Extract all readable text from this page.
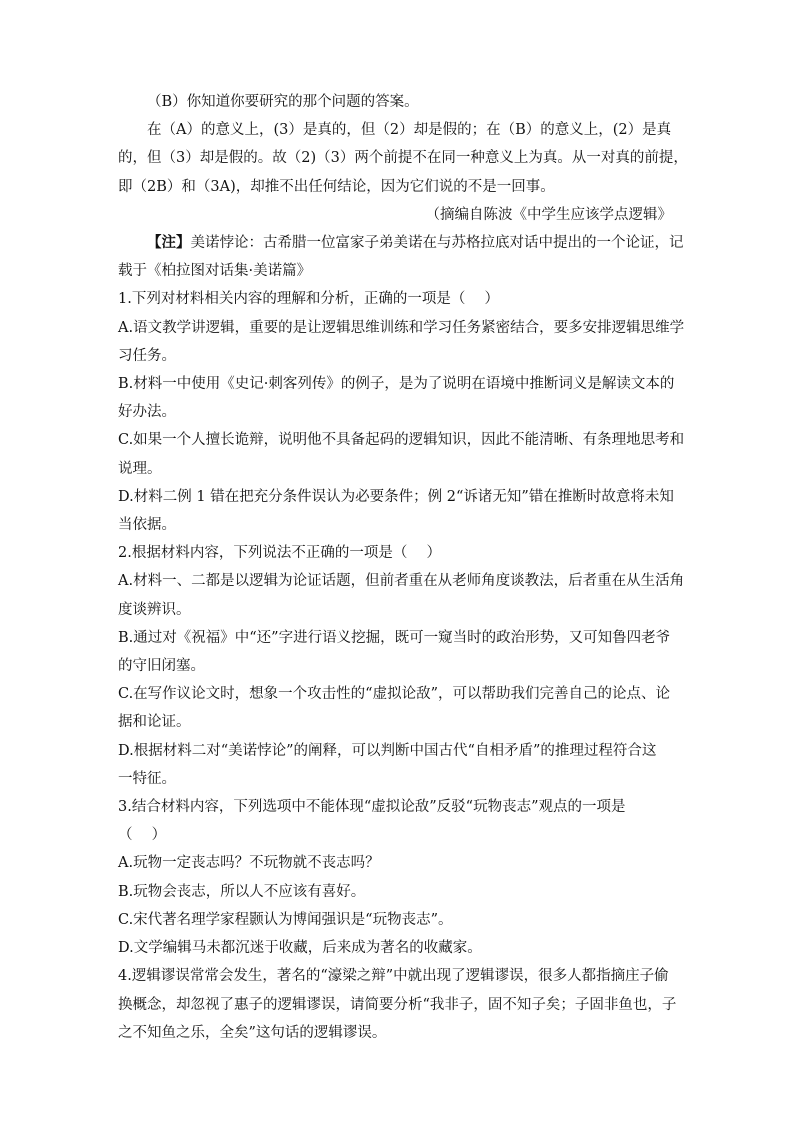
（B）你知道你要研究的那个问题的答案。
在（A）的意义上，(3）是真的，但（2）却是假的；在（B）的意义上，(2）是真
的，但（3）却是假的。故（2)（3）两个前提不在同一种意义上为真。从一对真的前提，
即（2B）和（3A)，却推不出任何结论，因为它们说的不是一回事。
（摘编自陈波《中学生应该学点逻辑》
【注】美诺悖论：古希腊一位富家子弟美诺在与苏格拉底对话中提出的一个论证，记
载于《柏拉图对话集·美诺篇》
1.下列对材料相关内容的理解和分析，正确的一项是（　 ）
A.语文教学讲逻辑，重要的是让逻辑思维训练和学习任务紧密结合，要多安排逻辑思维学
习任务。
B.材料一中使用《史记·刺客列传》的例子，是为了说明在语境中推断词义是解读文本的
好办法。
C.如果一个人擅长诡辩，说明他不具备起码的逻辑知识，因此不能清晰、有条理地思考和
说理。
D.材料二例 1 错在把充分条件误认为必要条件；例 2“诉诸无知”错在推断时故意将未知
当依据。
2.根据材料内容，下列说法不正确的一项是（　 ）
A.材料一、二都是以逻辑为论证话题，但前者重在从老师角度谈教法，后者重在从生活角
度谈辨识。
B.通过对《祝福》中“还”字进行语义挖掘，既可一窥当时的政治形势，又可知鲁四老爷
的守旧闭塞。
C.在写作议论文时，想象一个攻击性的“虚拟论敌”，可以帮助我们完善自己的论点、论
据和论证。
D.根据材料二对“美诺悖论”的阐释，可以判断中国古代“自相矛盾”的推理过程符合这
一特征。
3.结合材料内容，下列选项中不能体现“虚拟论敌”反驳“玩物丧志”观点的一项是
（　 ）
A.玩物一定丧志吗？不玩物就不丧志吗？
B.玩物会丧志，所以人不应该有喜好。
C.宋代著名理学家程颢认为博闻强识是“玩物丧志”。
D.文学编辑马未都沉迷于收藏，后来成为著名的收藏家。
4.逻辑谬误常常会发生，著名的“濠梁之辩”中就出现了逻辑谬误，很多人都指摘庄子偷
换概念，却忽视了惠子的逻辑谬误，请简要分析“我非子，固不知子矣；子固非鱼也，子
之不知鱼之乐，全矣”这句话的逻辑谬误。
